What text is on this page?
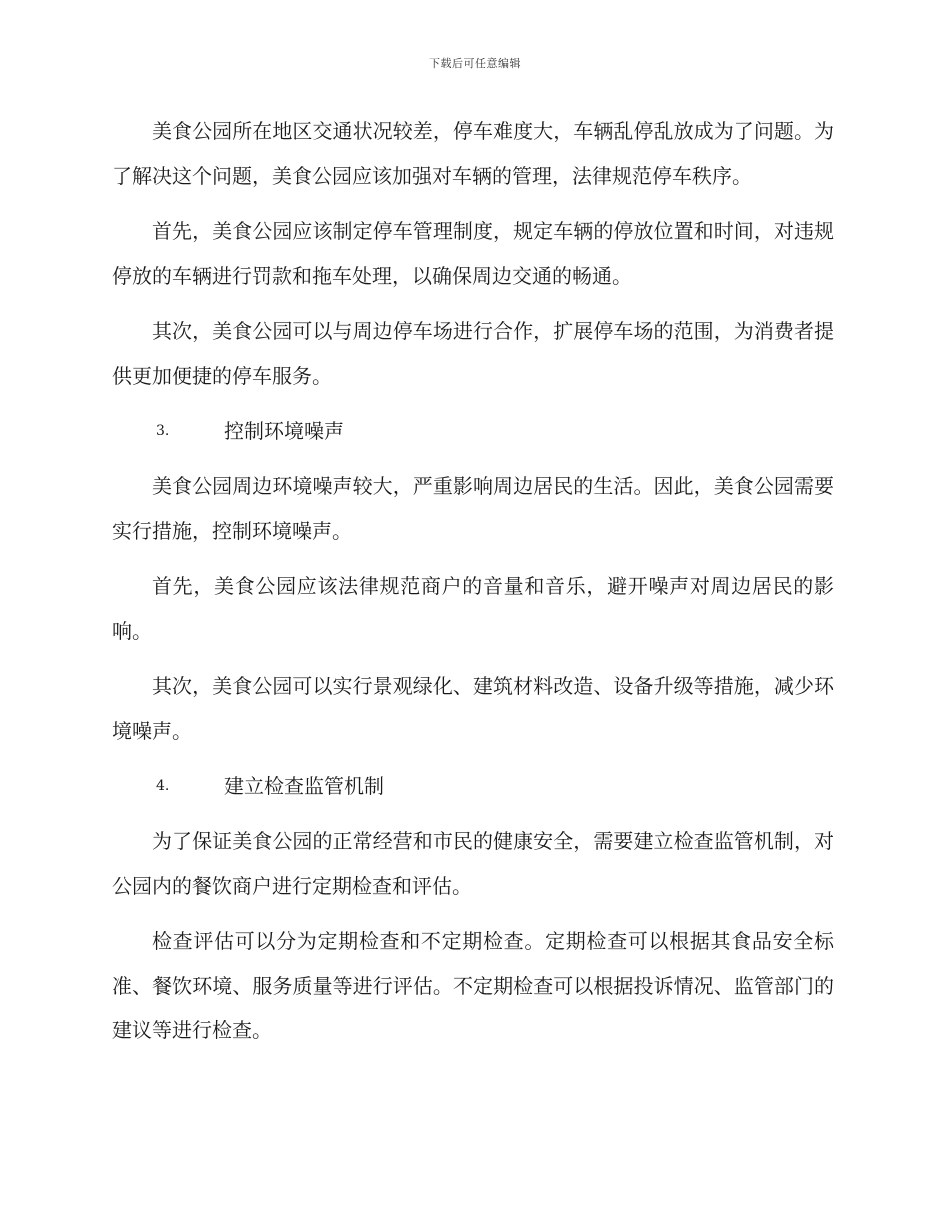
下载后可任意编辑

美食公园所在地区交通状况较差，停车难度大，车辆乱停乱放成为了问题。为了解决这个问题，美食公园应该加强对车辆的管理，法律规范停车秩序。

首先，美食公园应该制定停车管理制度，规定车辆的停放位置和时间，对违规停放的车辆进行罚款和拖车处理，以确保周边交通的畅通。

其次，美食公园可以与周边停车场进行合作，扩展停车场的范围，为消费者提供更加便捷的停车服务。

3.	控制环境噪声

美食公园周边环境噪声较大，严重影响周边居民的生活。因此，美食公园需要实行措施，控制环境噪声。

首先，美食公园应该法律规范商户的音量和音乐，避开噪声对周边居民的影响。

其次，美食公园可以实行景观绿化、建筑材料改造、设备升级等措施，减少环境噪声。

4.	建立检查监管机制

为了保证美食公园的正常经营和市民的健康安全，需要建立检查监管机制，对公园内的餐饮商户进行定期检查和评估。

检查评估可以分为定期检查和不定期检查。定期检查可以根据其食品安全标准、餐饮环境、服务质量等进行评估。不定期检查可以根据投诉情况、监管部门的建议等进行检查。
